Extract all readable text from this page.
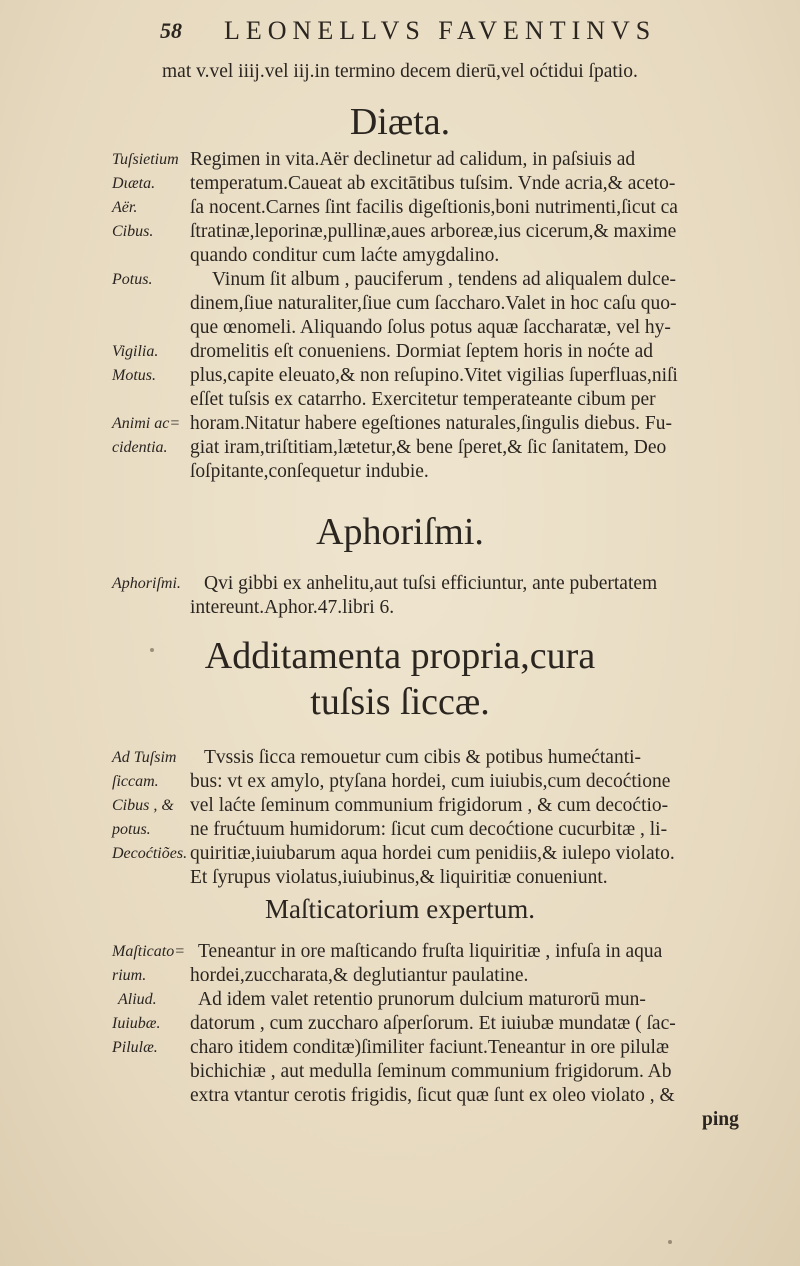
58 LEONELLVS FAVENTINVS
mat v.vel iiij.vel iij.in termino decem dierū,vel oćtidui ſpatio.
Diæta.
Tuſsietium
Dιæta.
Aër.
Cibus.
Potus.
Vigilia.
Motus.
Animi ac=
cidentia.
Regimen in vita.Aër declinetur ad calidum, in paſsiuis ad
temperatum.Caueat ab excitātibus tuſsim. Vnde acria,& aceto-
ſa nocent.Carnes ſint facilis digeſtionis,boni nutrimenti,ſicut ca
ſtratinæ,leporinæ,pullinæ,aues arboreæ,ius cicerum,& maxime
quando conditur cum laćte amygdalino.
Vinum ſit album , pauciferum , tendens ad aliqualem dulce-
dinem,ſiue naturaliter,ſiue cum ſaccharo.Valet in hoc caſu quo-
que œnomeli. Aliquando ſolus potus aquæ ſaccharatæ, vel hy-
dromelitis eſt conueniens. Dormiat ſeptem horis in noćte ad
plus,capite eleuato,& non reſupino.Vitet vigilias ſuperfluas,niſi
eſſet tuſsis ex catarrho. Exercitetur temperateante cibum per
horam.Nitatur habere egeſtiones naturales,ſingulis diebus. Fu-
giat iram,triſtitiam,lætetur,& bene ſperet,& ſic ſanitatem, Deo
ſoſpitante,conſequetur indubie.
Aphoriſmi.
Aphoriſmi. Qvi gibbi ex anhelitu,aut tuſsi efficiuntur, ante pubertatem
intereunt.Aphor.47.libri 6.
Additamenta propria,cura
tuſsis ſiccæ.
Ad Tuſsim
ſiccam.
Cibus , &
potus.
Decoćtiões.
Tvssis ſicca remouetur cum cibis & potibus humećtanti-
bus: vt ex amylo, ptyſana hordei, cum iuiubis,cum decoćtione
vel laćte ſeminum communium frigidorum , & cum decoćtio-
ne frućtuum humidorum: ſicut cum decoćtione cucurbitæ , li-
quiritiæ,iuiubarum aqua hordei cum penidiis,& iulepo violato.
Et ſyrupus violatus,iuiubinus,& liquiritiæ conueniunt.
Maſticatorium expertum.
Maſticato=
rium.
Aliud.
Iuiubæ.
Pilulæ.
Teneantur in ore maſticando fruſta liquiritiæ , infuſa in aqua
hordei,zuccharata,& deglutiantur paulatine.
Ad idem valet retentio prunorum dulcium maturorū mun-
datorum , cum zuccharo aſperſorum. Et iuiubæ mundatæ ( ſac-
charo itidem conditæ)ſimiliter faciunt.Teneantur in ore pilulæ
bichichiæ , aut medulla ſeminum communium frigidorum. Ab
extra vtantur cerotis frigidis, ſicut quæ ſunt ex oleo violato , &
ping
